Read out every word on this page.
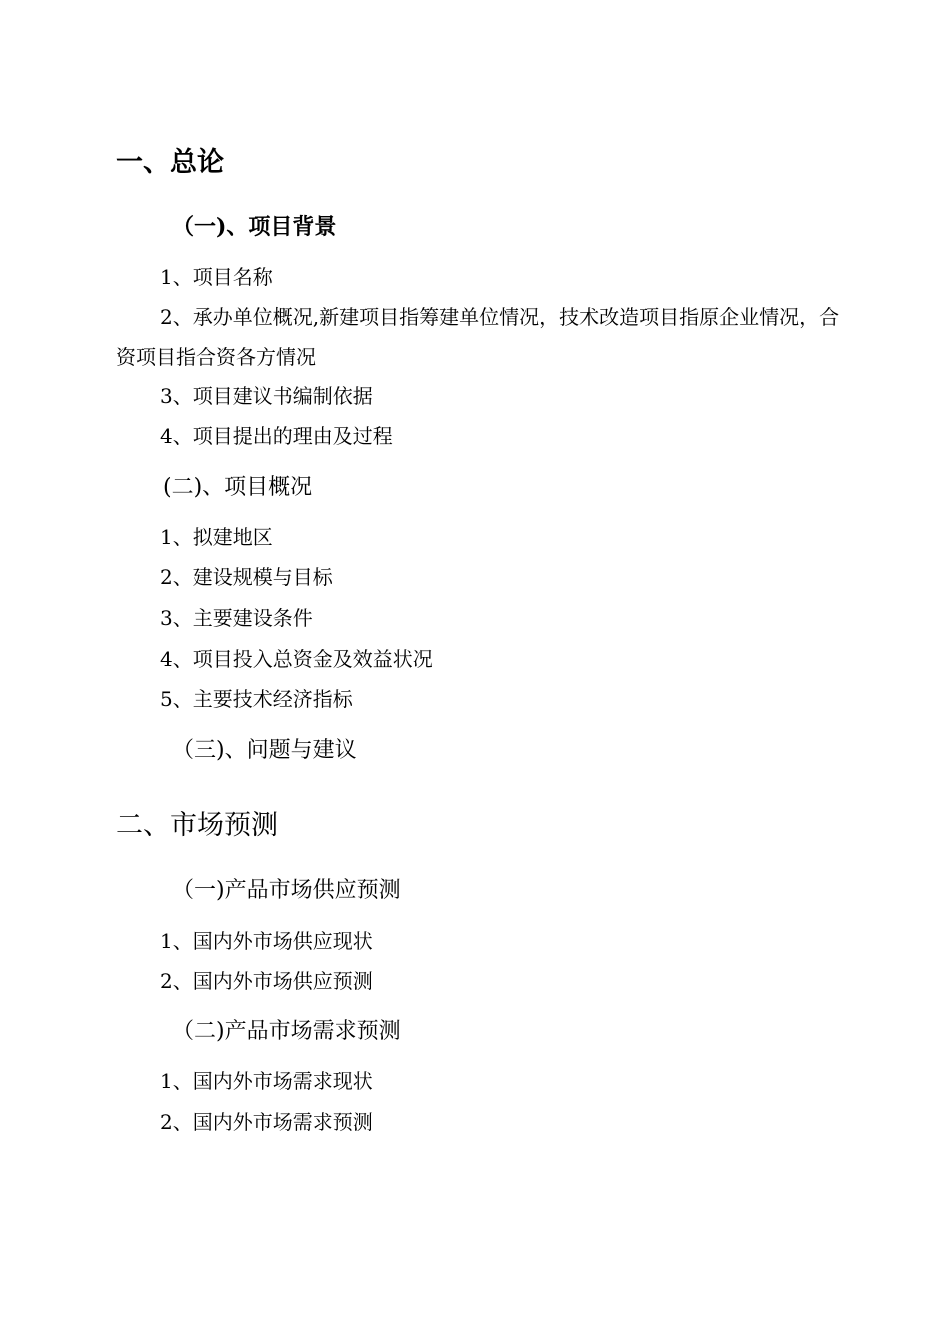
一、总论
（一)、项目背景
1、项目名称
2、承办单位概况,新建项目指筹建单位情况，技术改造项目指原企业情况，合资项目指合资各方情况
3、项目建议书编制依据
4、项目提出的理由及过程
(二)、项目概况
1、拟建地区
2、建设规模与目标
3、主要建设条件
4、项目投入总资金及效益状况
5、主要技术经济指标
（三)、问题与建议
二、市场预测
（一)产品市场供应预测
1、国内外市场供应现状
2、国内外市场供应预测
（二)产品市场需求预测
1、国内外市场需求现状
2、国内外市场需求预测
